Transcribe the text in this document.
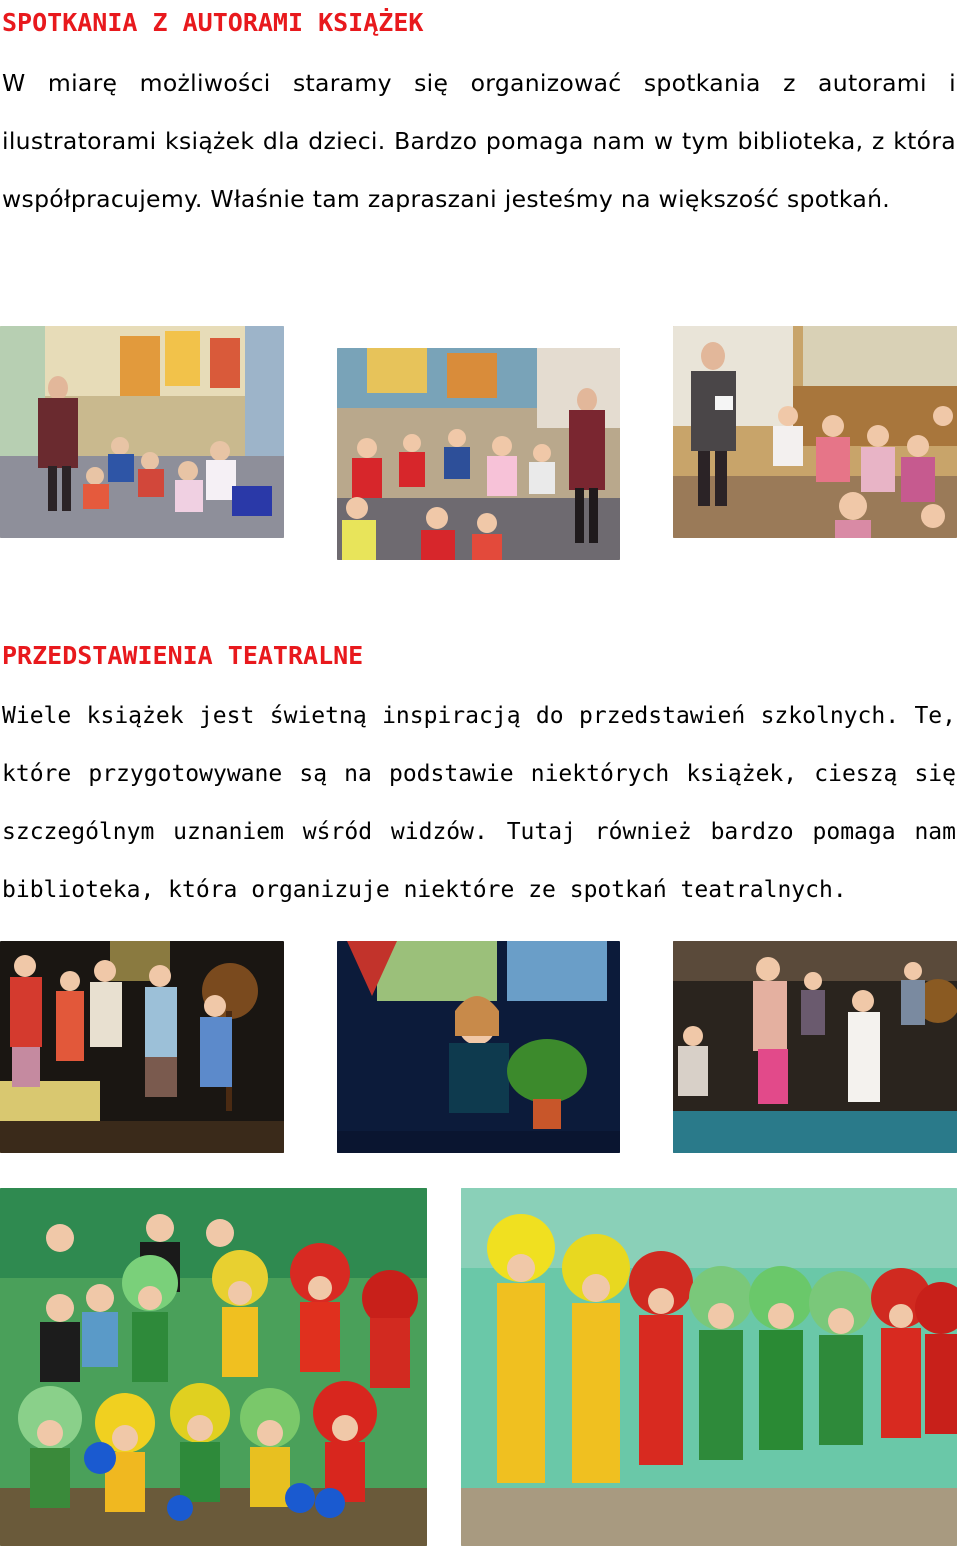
SPOTKANIA Z AUTORAMI KSIĄŻEK

W miarę możliwości staramy się organizować spotkania z autorami i ilustratorami książek dla dzieci. Bardzo pomaga nam w tym biblioteka, z która współpracujemy. Właśnie tam zapraszani jesteśmy na większość spotkań.

PRZEDSTAWIENIA TEATRALNE

Wiele książek jest świetną inspiracją do przedstawień szkolnych. Te, które przygotowywane są na podstawie niektórych książek, cieszą się szczególnym uznaniem wśród widzów. Tutaj również bardzo pomaga nam biblioteka, która organizuje niektóre ze spotkań teatralnych.
